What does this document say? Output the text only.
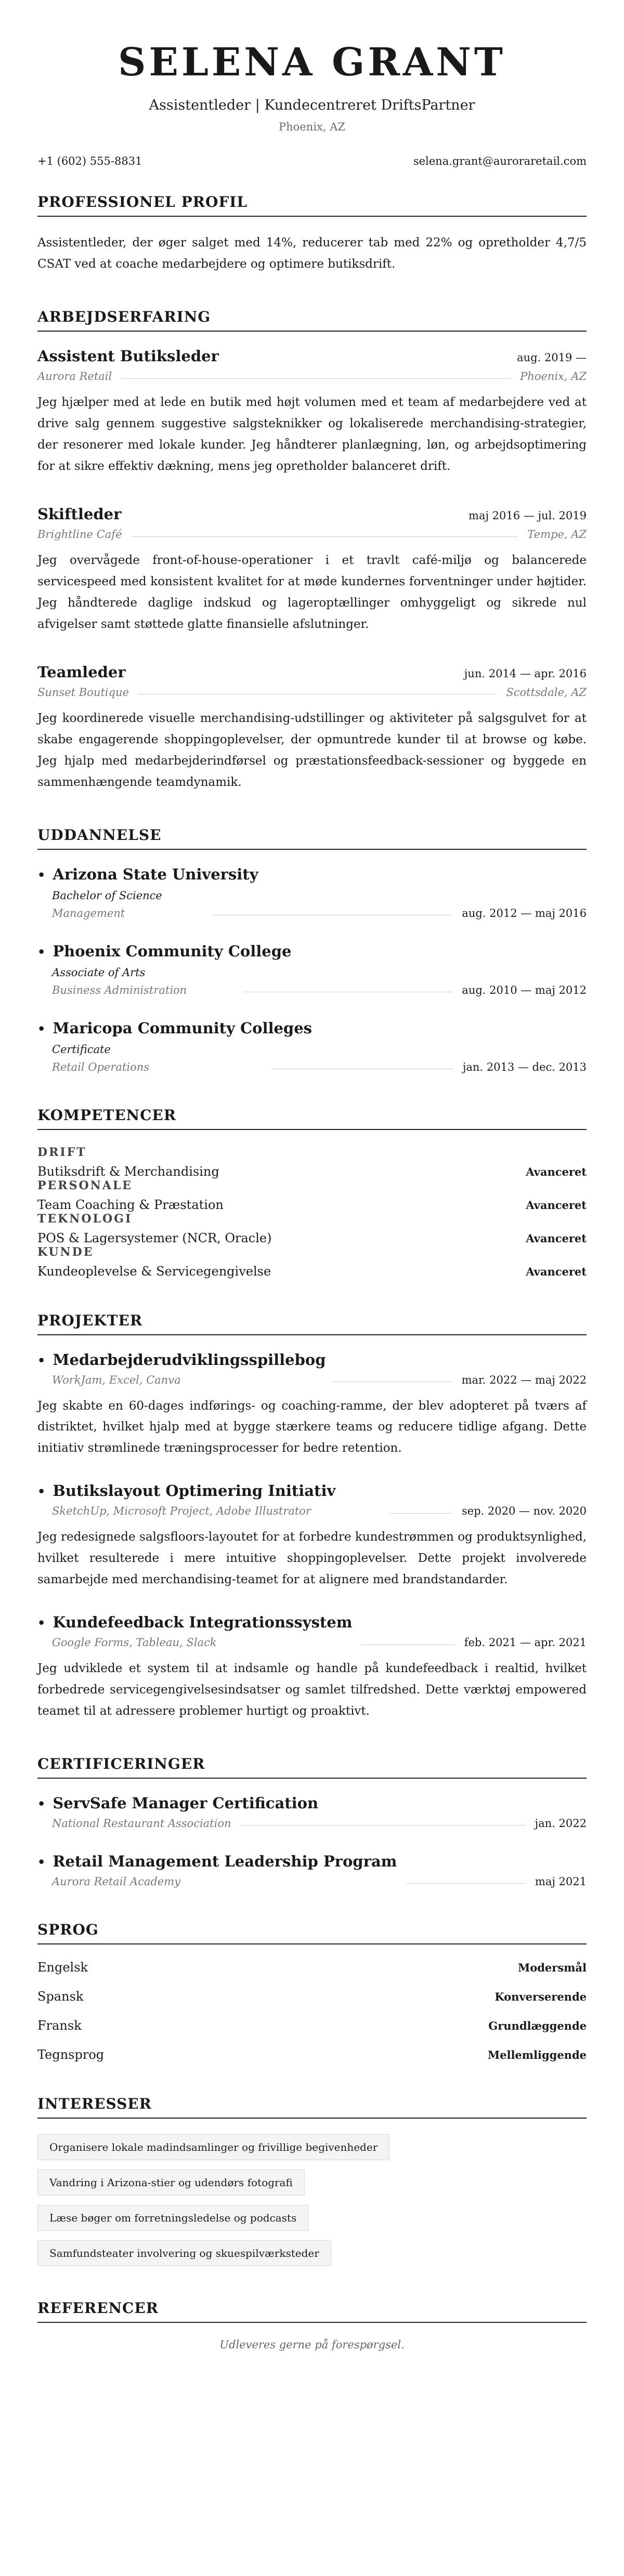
SELENA GRANT
Assistentleder | Kundecentreret DriftsPartner
Phoenix, AZ
+1 (602) 555-8831	selena.grant@auroraretail.com
PROFESSIONEL PROFIL

Assistentleder, der øger salget med 14%, reducerer tab med 22% og opretholder 4,7/5 CSAT ved at coache medarbejdere og optimere butiksdrift.

ARBEJDSERFARING
Assistent Butiksleder	aug. 2019 —
Aurora Retail	Phoenix, AZ

Jeg hjælper med at lede en butik med højt volumen med et team af medarbejdere ved at drive salg gennem suggestive salgsteknikker og lokaliserede merchandising-strategier, der resonerer med lokale kunder. Jeg håndterer planlægning, løn, og arbejdsoptimering for at sikre effektiv dækning, mens jeg opretholder balanceret drift.

Skiftleder	maj 2016 — jul. 2019
Brightline Café	Tempe, AZ

Jeg overvågede front-of-house-operationer i et travlt café-miljø og balancerede servicespeed med konsistent kvalitet for at møde kundernes forventninger under højtider. Jeg håndterede daglige indskud og lageroptællinger omhyggeligt og sikrede nul afvigelser samt støttede glatte finansielle afslutninger.

Teamleder	jun. 2014 — apr. 2016
Sunset Boutique	Scottsdale, AZ

Jeg koordinerede visuelle merchandising-udstillinger og aktiviteter på salgsgulvet for at skabe engagerende shoppingoplevelser, der opmuntrede kunder til at browse og købe. Jeg hjalp med medarbejderindførsel og præstationsfeedback-sessioner og byggede en sammenhængende teamdynamik.

UDDANNELSE
• Arizona State University
Bachelor of Science
Management	aug. 2012 — maj 2016
• Phoenix Community College
Associate of Arts
Business Administration	aug. 2010 — maj 2012
• Maricopa Community Colleges
Certificate
Retail Operations	jan. 2013 — dec. 2013
KOMPETENCER
DRIFT
Butiksdrift & Merchandising	Avanceret
PERSONALE
Team Coaching & Præstation	Avanceret
TEKNOLOGI
POS & Lagersystemer (NCR, Oracle)	Avanceret
KUNDE
Kundeoplevelse & Servicegengivelse	Avanceret
PROJEKTER
• Medarbejderudviklingsspillebog
WorkJam, Excel, Canva	mar. 2022 — maj 2022

Jeg skabte en 60-dages indførings- og coaching-ramme, der blev adopteret på tværs af distriktet, hvilket hjalp med at bygge stærkere teams og reducere tidlige afgang. Dette initiativ strømlinede træningsprocesser for bedre retention.

• Butikslayout Optimering Initiativ
SketchUp, Microsoft Project, Adobe Illustrator	sep. 2020 — nov. 2020

Jeg redesignede salgsfloors-layoutet for at forbedre kundestrømmen og produktsynlighed, hvilket resulterede i mere intuitive shoppingoplevelser. Dette projekt involverede samarbejde med merchandising-teamet for at alignere med brandstandarder.

• Kundefeedback Integrationssystem
Google Forms, Tableau, Slack	feb. 2021 — apr. 2021

Jeg udviklede et system til at indsamle og handle på kundefeedback i realtid, hvilket forbedrede servicegengivelsesindsatser og samlet tilfredshed. Dette værktøj empowered teamet til at adressere problemer hurtigt og proaktivt.

CERTIFICERINGER
• ServSafe Manager Certification
National Restaurant Association	jan. 2022
• Retail Management Leadership Program
Aurora Retail Academy	maj 2021
SPROG
Engelsk	Modersmål
Spansk	Konverserende
Fransk	Grundlæggende
Tegnsprog	Mellemliggende
INTERESSER
Organisere lokale madindsamlinger og frivillige begivenheder
Vandring i Arizona-stier og udendørs fotografi
Læse bøger om forretningsledelse og podcasts
Samfundsteater involvering og skuespilværksteder
REFERENCER
Udleveres gerne på forespørgsel.
